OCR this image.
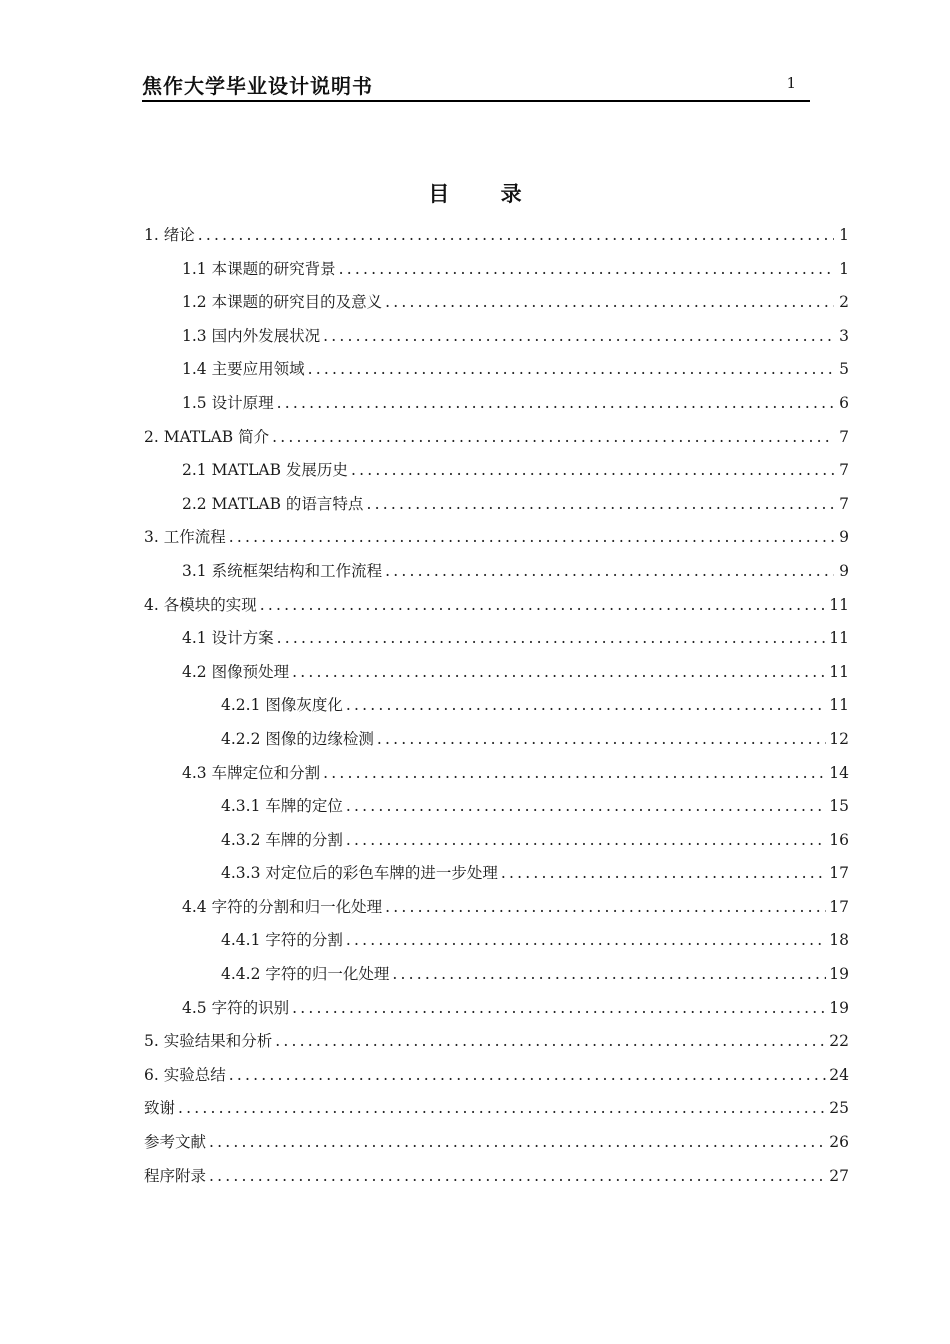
焦作大学毕业设计说明书	1
目 录
1. 绪论 .....	1
1.1 本课题的研究背景 .....	1
1.2 本课题的研究目的及意义 .....	2
1.3 国内外发展状况 .....	3
1.4 主要应用领域 .....	5
1.5 设计原理 .....	6
2. MATLAB 简介 .....	7
2.1 MATLAB 发展历史 .....	7
2.2 MATLAB 的语言特点 .....	7
3. 工作流程 .....	9
3.1 系统框架结构和工作流程 .....	9
4. 各模块的实现 .....	11
4.1 设计方案 .....	11
4.2 图像预处理 .....	11
4.2.1 图像灰度化 .....	11
4.2.2 图像的边缘检测 .....	12
4.3 车牌定位和分割 .....	14
4.3.1 车牌的定位 .....	15
4.3.2 车牌的分割 .....	16
4.3.3 对定位后的彩色车牌的进一步处理 .....	17
4.4 字符的分割和归一化处理 .....	17
4.4.1 字符的分割 .....	18
4.4.2 字符的归一化处理 .....	19
4.5 字符的识别 .....	19
5. 实验结果和分析 .....	22
6. 实验总结 .....	24
致谢 .....	25
参考文献 .....	26
程序附录 .....	27
